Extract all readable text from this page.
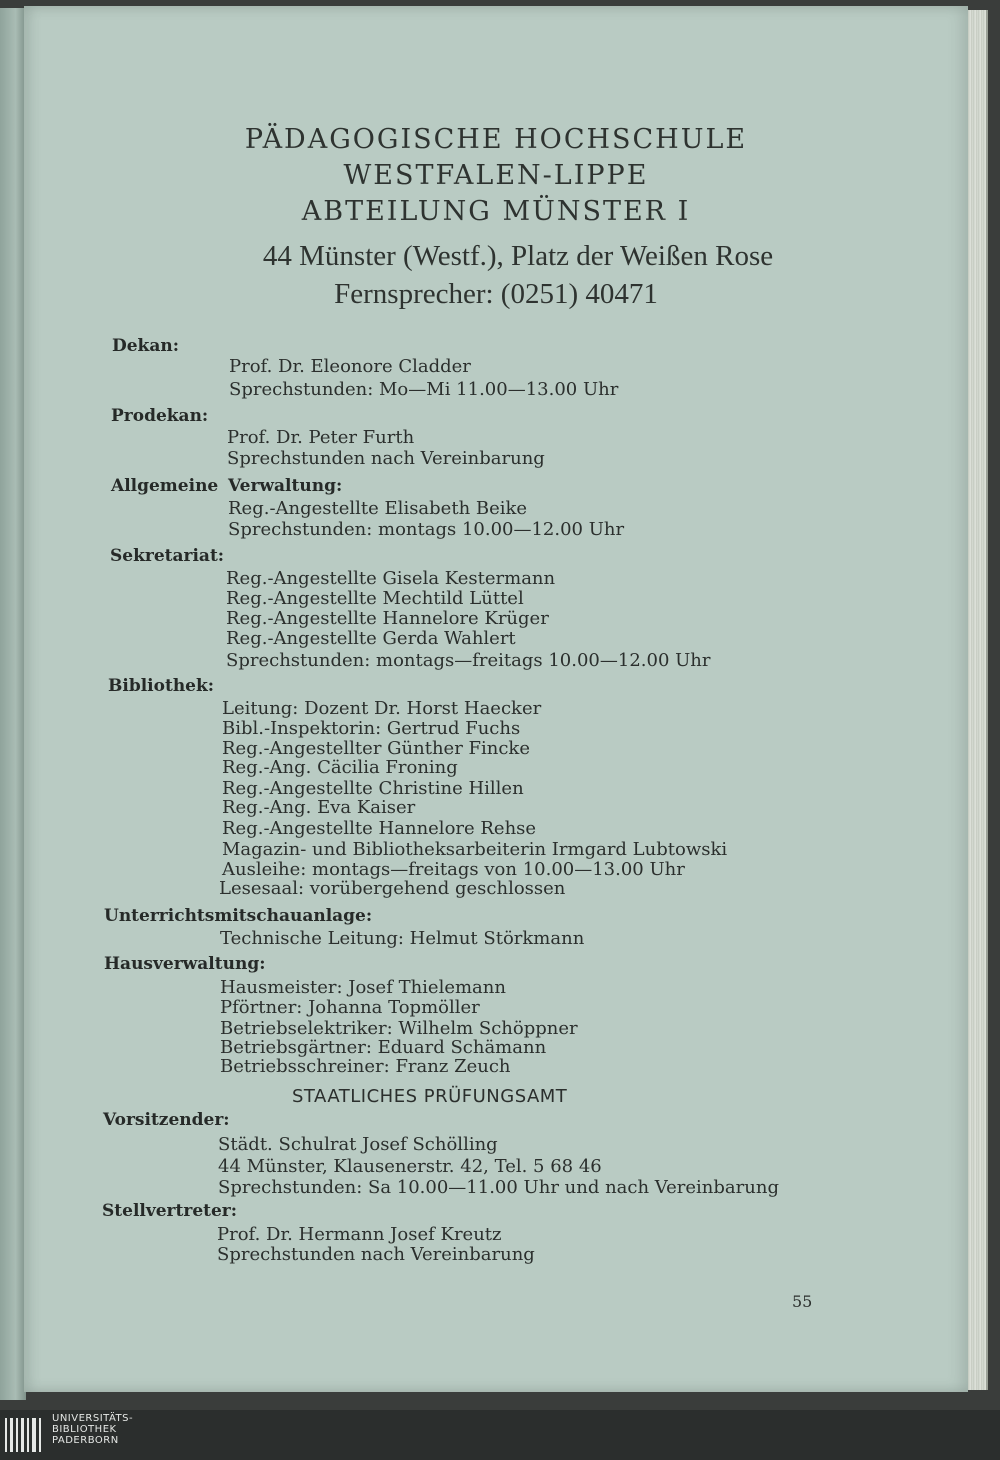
PÄDAGOGISCHE HOCHSCHULE
WESTFALEN-LIPPE
ABTEILUNG MÜNSTER I
44 Münster (Westf.), Platz der Weißen Rose
Fernsprecher: (0251) 40471
Dekan:
Prof. Dr. Eleonore Cladder
Sprechstunden: Mo—Mi 11.00—13.00 Uhr
Prodekan:
Prof. Dr. Peter Furth
Sprechstunden nach Vereinbarung
Allgemeine Verwaltung:
Reg.-Angestellte Elisabeth Beike
Sprechstunden: montags 10.00—12.00 Uhr
Sekretariat:
Reg.-Angestellte Gisela Kestermann
Reg.-Angestellte Mechtild Lüttel
Reg.-Angestellte Hannelore Krüger
Reg.-Angestellte Gerda Wahlert
Sprechstunden: montags—freitags 10.00—12.00 Uhr
Bibliothek:
Leitung: Dozent Dr. Horst Haecker
Bibl.-Inspektorin: Gertrud Fuchs
Reg.-Angestellter Günther Fincke
Reg.-Ang. Cäcilia Froning
Reg.-Angestellte Christine Hillen
Reg.-Ang. Eva Kaiser
Reg.-Angestellte Hannelore Rehse
Magazin- und Bibliotheksarbeiterin Irmgard Lubtowski
Ausleihe: montags—freitags von 10.00—13.00 Uhr
Lesesaal: vorübergehend geschlossen
Unterrichtsmitschauanlage:
Technische Leitung: Helmut Störkmann
Hausverwaltung:
Hausmeister: Josef Thielemann
Pförtner: Johanna Topmöller
Betriebselektriker: Wilhelm Schöppner
Betriebsgärtner: Eduard Schämann
Betriebsschreiner: Franz Zeuch
STAATLICHES PRÜFUNGSAMT
Vorsitzender:
Städt. Schulrat Josef Schölling
44 Münster, Klausenerstr. 42, Tel. 5 68 46
Sprechstunden: Sa 10.00—11.00 Uhr und nach Vereinbarung
Stellvertreter:
Prof. Dr. Hermann Josef Kreutz
Sprechstunden nach Vereinbarung
55
UNIVERSITÄTS-
BIBLIOTHEK
PADERBORN
